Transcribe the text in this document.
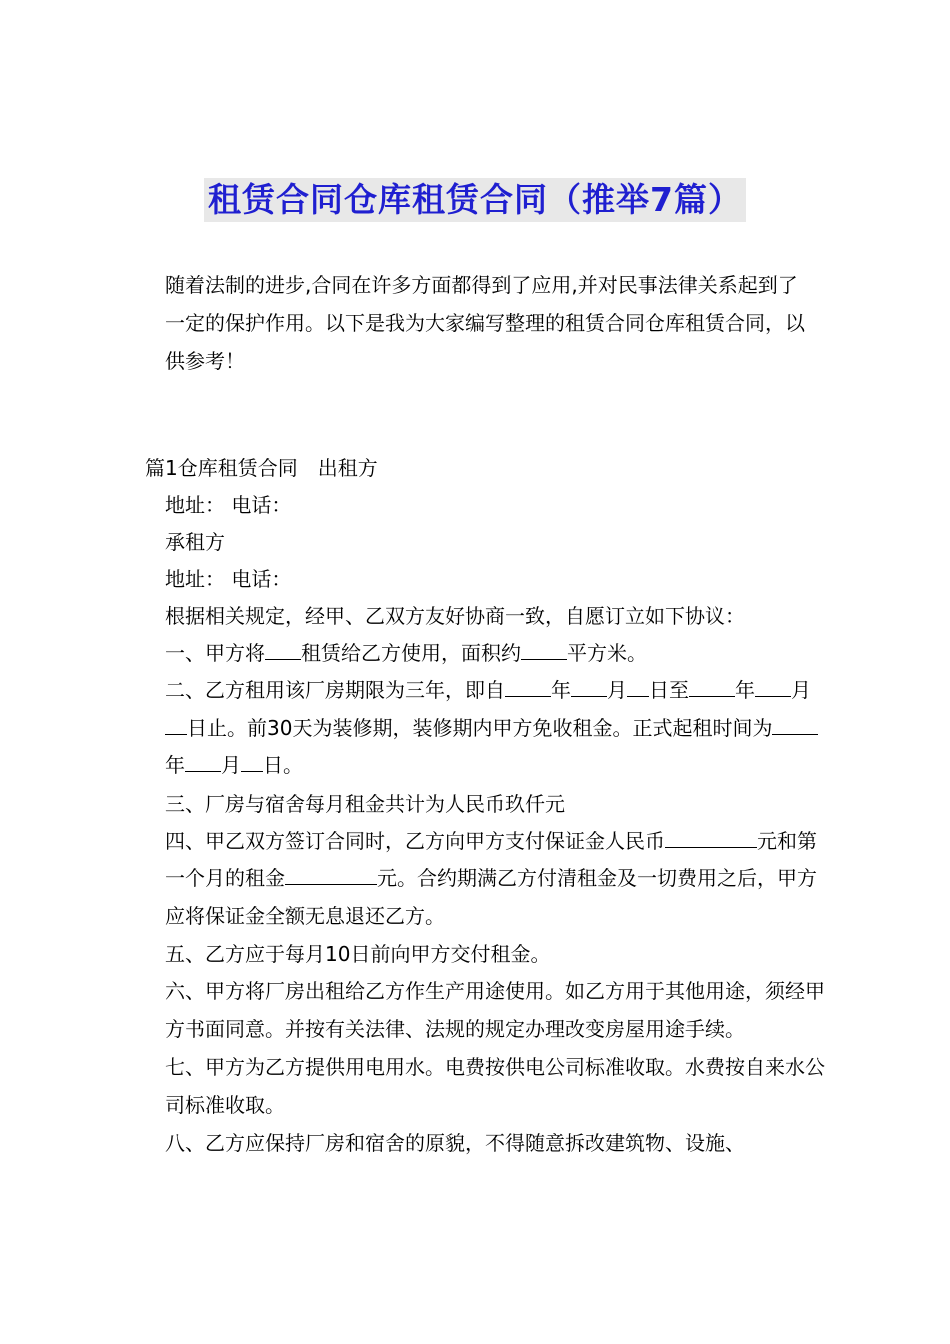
租赁合同仓库租赁合同（推举7篇）

随着法制的进步,合同在许多方面都得到了应用,并对民事法律关系起到了一定的保护作用。以下是我为大家编写整理的租赁合同仓库租赁合同，以供参考！

篇1仓库租赁合同　出租方

地址： 电话：

承租方

地址： 电话：

根据相关规定，经甲、乙双方友好协商一致，自愿订立如下协议：

一、甲方将 租赁给乙方使用，面积约 平方米。

二、乙方租用该厂房期限为三年，即自 年 月 日至 年 月日止。前30天为装修期，装修期内甲方免收租金。正式起租时间为年 月 日。

三、厂房与宿舍每月租金共计为人民币玖仟元

四、甲乙双方签订合同时，乙方向甲方支付保证金人民币	元和第一个月的租金	元。合约期满乙方付清租金及一切费用之后，甲方应将保证金全额无息退还乙方。

五、乙方应于每月10日前向甲方交付租金。

六、甲方将厂房出租给乙方作生产用途使用。如乙方用于其他用途，须经甲方书面同意。并按有关法律、法规的规定办理改变房屋用途手续。

七、甲方为乙方提供用电用水。电费按供电公司标准收取。水费按自来水公司标准收取。

八、乙方应保持厂房和宿舍的原貌，不得随意拆改建筑物、设施、
